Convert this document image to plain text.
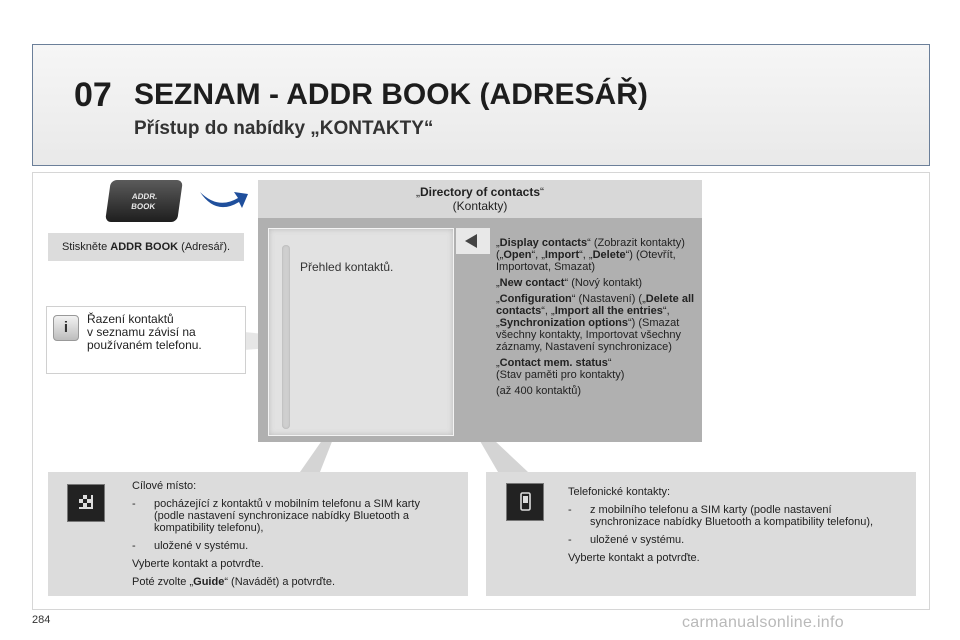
07 SEZNAM - ADDR BOOK (ADRESÁŘ)
Přístup do nabídky „KONTAKTY“
ADDR.
BOOK
Stiskněte ADDR BOOK (Adresář).
i	Řazení kontaktů
v seznamu závisí na
používaném telefonu.
„Directory of contacts“
(Kontakty)
Přehled kontaktů.

„Display contacts“ (Zobrazit kontakty) („Open“, „Import“, „Delete“) (Otevřít, Importovat, Smazat)

„New contact“ (Nový kontakt)

„Configuration“ (Nastavení) („Delete all contacts“, „Import all the entries“, „Synchronization options“) (Smazat všechny kontakty, Importovat všechny záznamy, Nastavení synchronizace)

„Contact mem. status“
(Stav paměti pro kontakty)

(až 400 kontaktů)

Cílové místo:

- pocházející z kontaktů v mobilním telefonu a SIM karty (podle nastavení synchronizace nabídky Bluetooth a kompatibility telefonu),
- uložené v systému.

Vyberte kontakt a potvrďte.

Poté zvolte „Guide“ (Navádět) a potvrďte.

Telefonické kontakty:

- z mobilního telefonu a SIM karty (podle nastavení synchronizace nabídky Bluetooth a kompatibility telefonu),
- uložené v systému.

Vyberte kontakt a potvrďte.

284	carmanualsonline.info
